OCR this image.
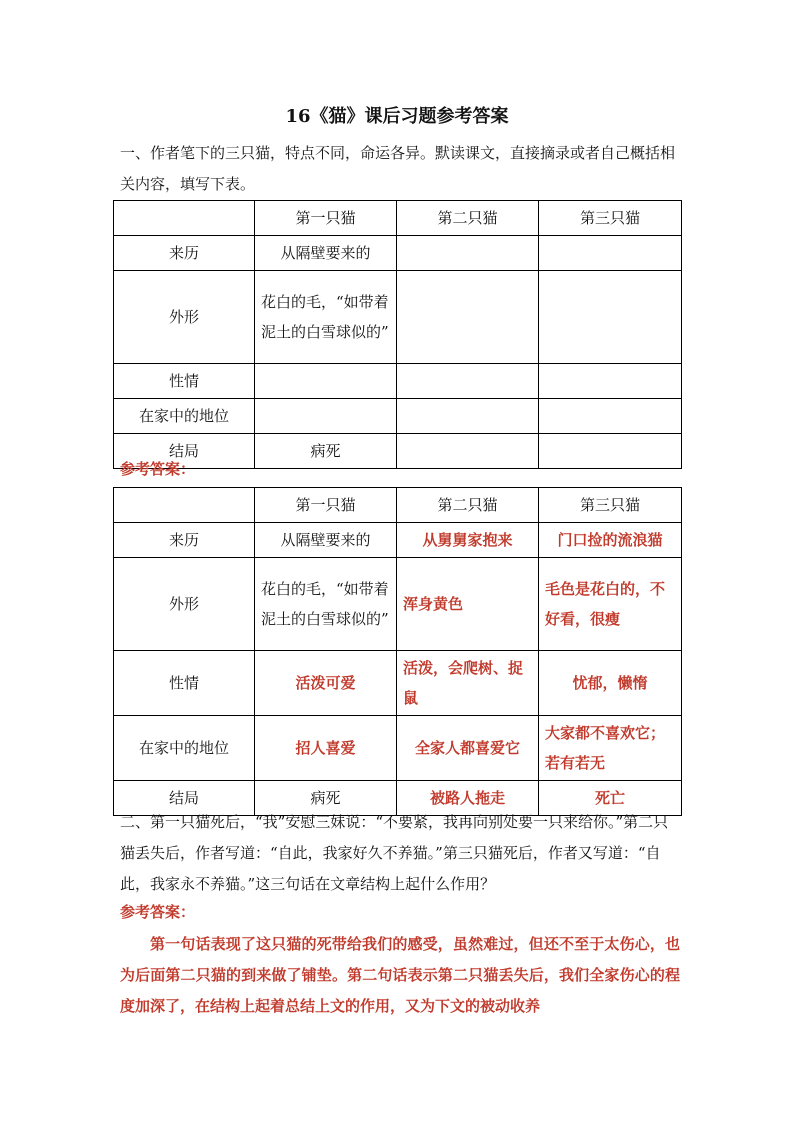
16《猫》课后习题参考答案

一、作者笔下的三只猫，特点不同，命运各异。默读课文，直接摘录或者自己概括相关内容，填写下表。

	第一只猫	第二只猫	第三只猫
来历	从隔壁要来的		
外形	花白的毛，“如带着泥土的白雪球似的”		
性情			
在家中的地位			
结局	病死		

参考答案：

	第一只猫	第二只猫	第三只猫
来历	从隔壁要来的	从舅舅家抱来	门口捡的流浪猫
外形	花白的毛，“如带着泥土的白雪球似的”	浑身黄色	毛色是花白的，不好看，很瘦
性情	活泼可爱	活泼，会爬树、捉鼠	忧郁，懒惰
在家中的地位	招人喜爱	全家人都喜爱它	大家都不喜欢它；若有若无
结局	病死	被路人拖走	死亡

二、第一只猫死后，“我”安慰三妹说：“不要紧，我再向别处要一只来给你。”第二只猫丢失后，作者写道：“自此，我家好久不养猫。”第三只猫死后，作者又写道：“自此，我家永不养猫。”这三句话在文章结构上起什么作用？

参考答案：

第一句话表现了这只猫的死带给我们的感受，虽然难过，但还不至于太伤心，也为后面第二只猫的到来做了铺垫。第二句话表示第二只猫丢失后，我们全家伤心的程度加深了，在结构上起着总结上文的作用，又为下文的被动收养
